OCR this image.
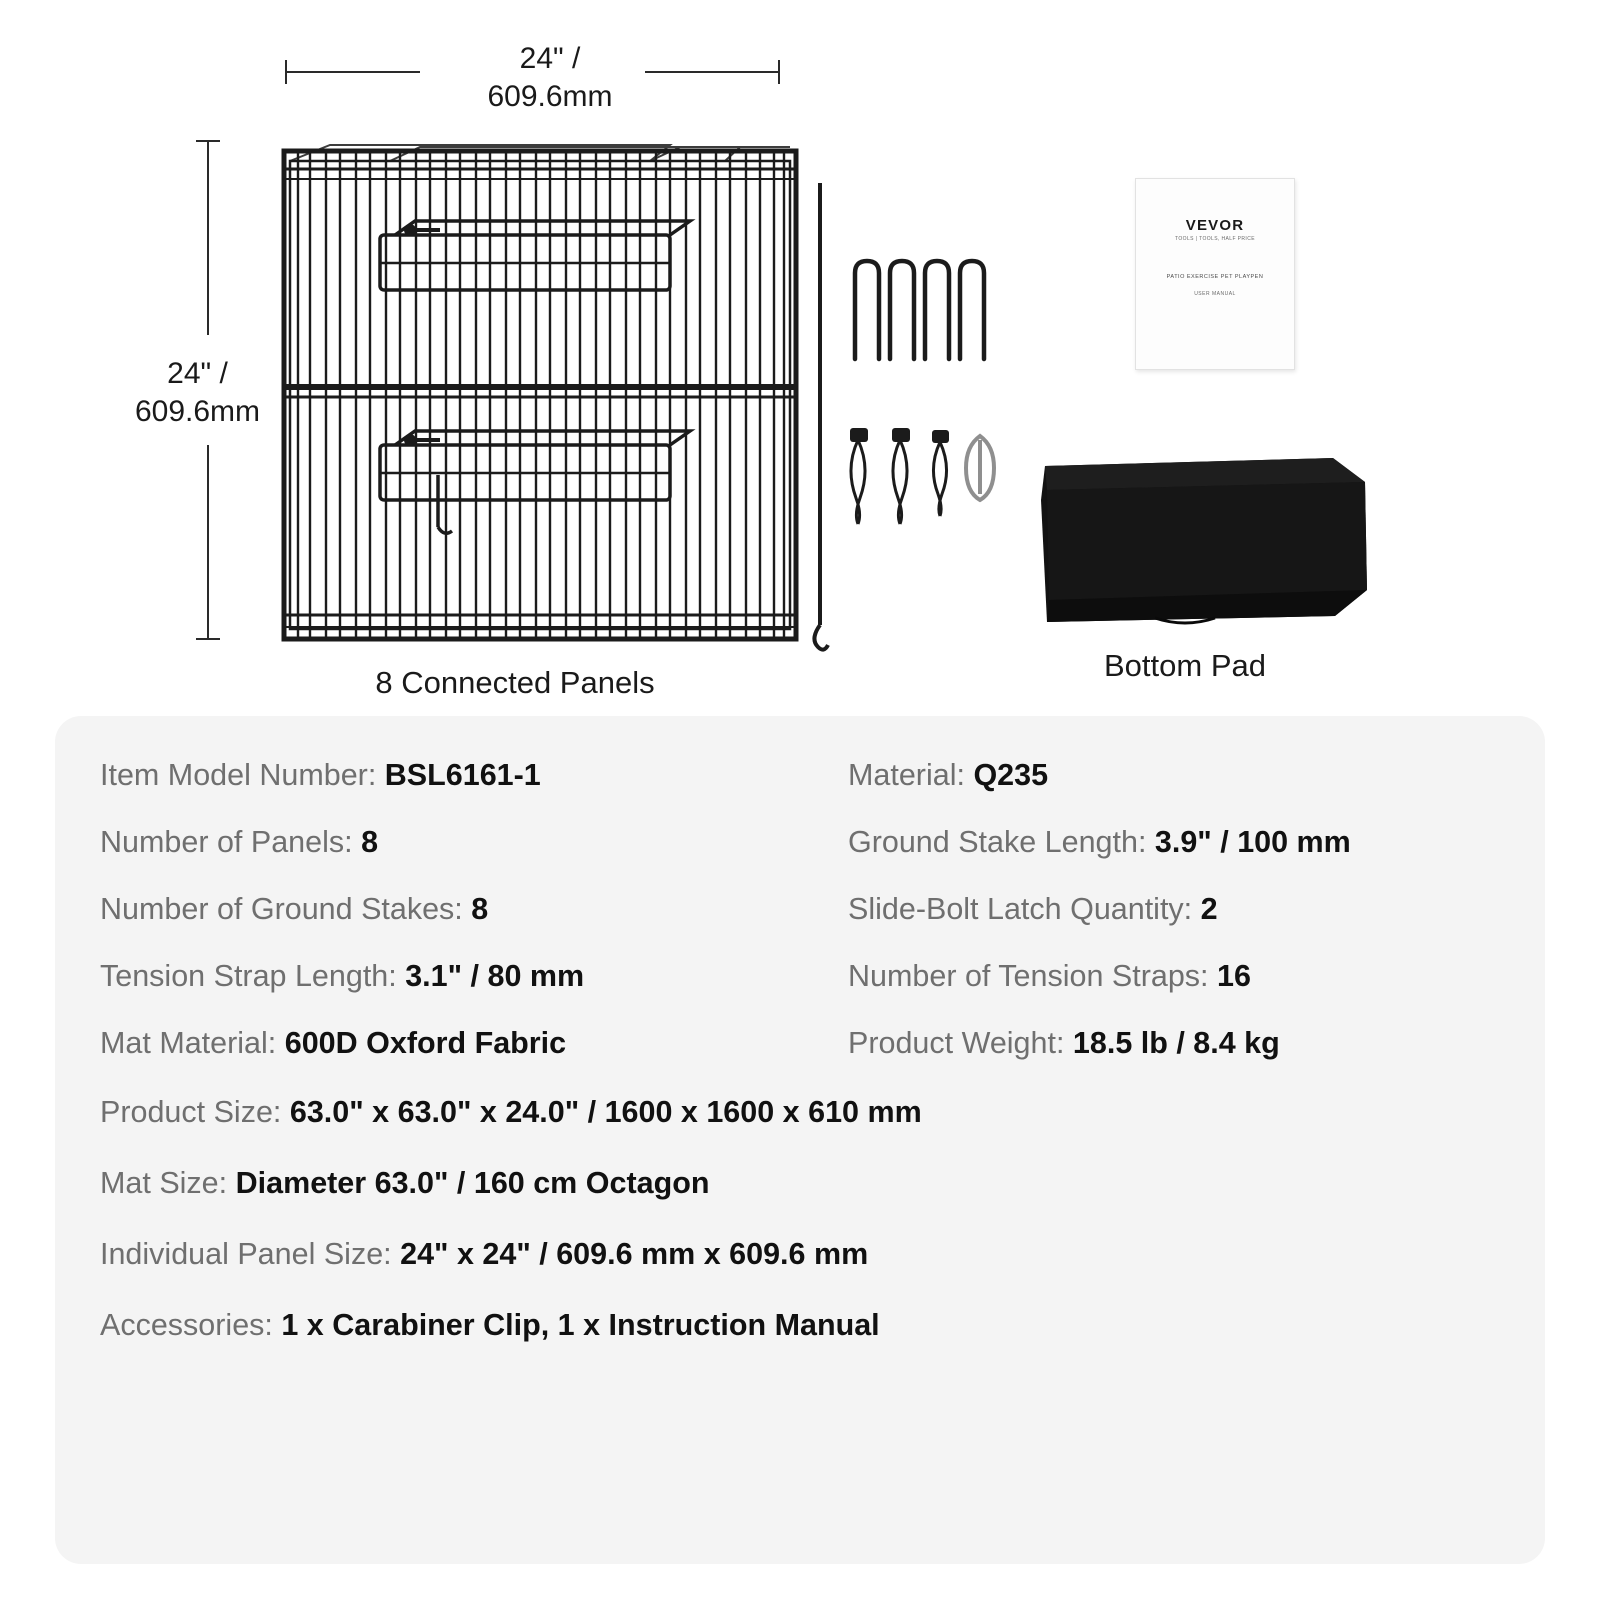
24" /
609.6mm
24" /
609.6mm
VEVOR
TOOLS | TOOLS, HALF PRICE
PATIO EXERCISE PET PLAYPEN
USER MANUAL
8 Connected Panels	Bottom Pad
Item Model Number: BSL6161-1	Material: Q235
Number of Panels: 8	Ground Stake Length: 3.9" / 100 mm
Number of Ground Stakes: 8	Slide-Bolt Latch Quantity: 2
Tension Strap Length: 3.1" / 80 mm	Number of Tension Straps: 16
Mat Material: 600D Oxford Fabric	Product Weight: 18.5 lb / 8.4 kg
Product Size: 63.0" x 63.0" x 24.0" / 1600 x 1600 x 610 mm
Mat Size: Diameter 63.0" / 160 cm Octagon
Individual Panel Size: 24" x 24" / 609.6 mm x 609.6 mm
Accessories: 1 x Carabiner Clip, 1 x Instruction Manual
